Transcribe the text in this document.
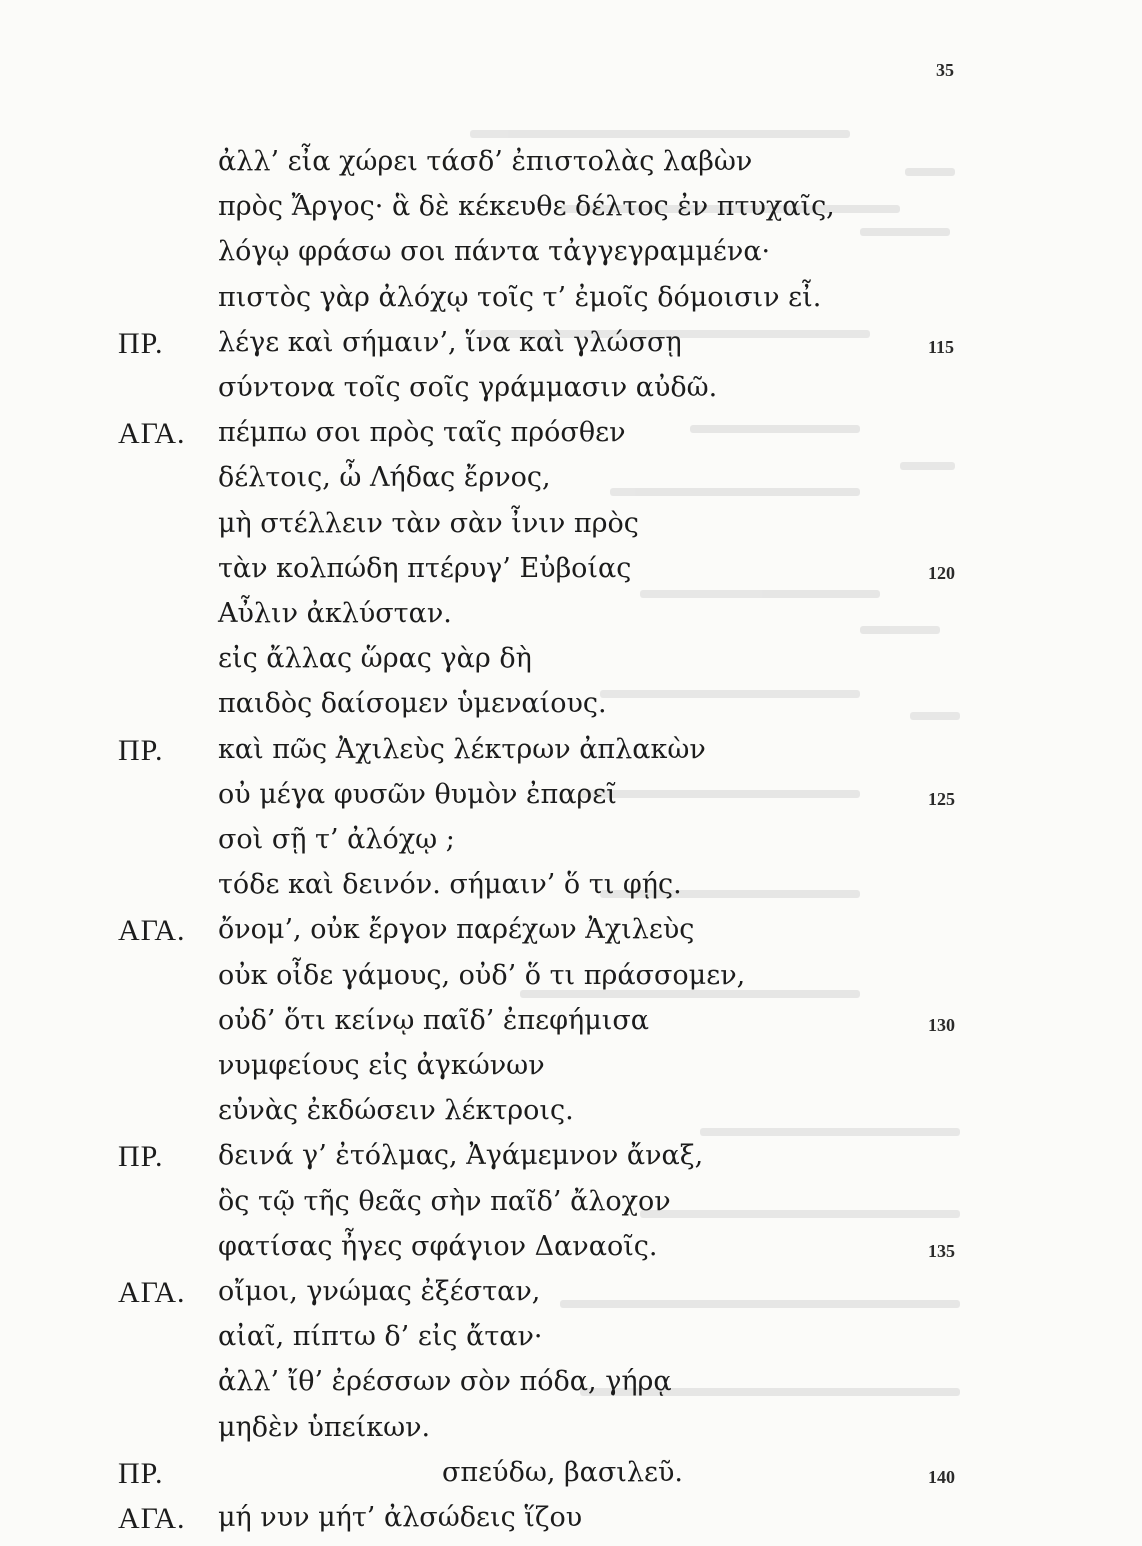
35
ἀλλ’ εἶα χώρει τάσδ’ ἐπιστολὰς λαβὼν
πρὸς Ἄργος· ἃ δὲ κέκευθε δέλτος ἐν πτυχαῖς,
λόγῳ φράσω σοι πάντα τἀγγεγραμμένα·
πιστὸς γὰρ ἀλόχῳ τοῖς τ’ ἐμοῖς δόμοισιν εἶ.
ΠΡ. λέγε καὶ σήμαιν’, ἵνα καὶ γλώσσῃ	115
σύντονα τοῖς σοῖς γράμμασιν αὐδῶ.
ΑΓΑ. πέμπω σοι πρὸς ταῖς πρόσθεν
δέλτοις, ὦ Λήδας ἔρνος,
μὴ στέλλειν τὰν σὰν ἶνιν πρὸς
τὰν κολπώδη πτέρυγ’ Εὐβοίας	120
Αὖλιν ἀκλύσταν.
εἰς ἄλλας ὥρας γὰρ δὴ
παιδὸς δαίσομεν ὑμεναίους.
ΠΡ. καὶ πῶς Ἀχιλεὺς λέκτρων ἀπλακὼν
οὐ μέγα φυσῶν θυμὸν ἐπαρεῖ	125
σοὶ σῇ τ’ ἀλόχῳ ;
τόδε καὶ δεινόν. σήμαιν’ ὅ τι φῄς.
ΑΓΑ. ὄνομ’, οὐκ ἔργον παρέχων Ἀχιλεὺς
οὐκ οἶδε γάμους, οὐδ’ ὅ τι πράσσομεν,
οὐδ’ ὅτι κείνῳ παῖδ’ ἐπεφήμισα	130
νυμφείους εἰς ἀγκώνων
εὐνὰς ἐκδώσειν λέκτροις.
ΠΡ. δεινά γ’ ἐτόλμας, Ἀγάμεμνον ἄναξ,
ὃς τῷ τῆς θεᾶς σὴν παῖδ’ ἄλοχον
φατίσας ἦγες σφάγιον Δαναοῖς.	135
ΑΓΑ. οἴμοι, γνώμας ἐξέσταν,
αἰαῖ, πίπτω δ’ εἰς ἄταν·
ἀλλ’ ἴθ’ ἐρέσσων σὸν πόδα, γήρᾳ
μηδὲν ὑπείκων.
ΠΡ.	σπεύδω, βασιλεῦ.	140
ΑΓΑ. μή νυν μήτ’ ἀλσώδεις ἵζου
